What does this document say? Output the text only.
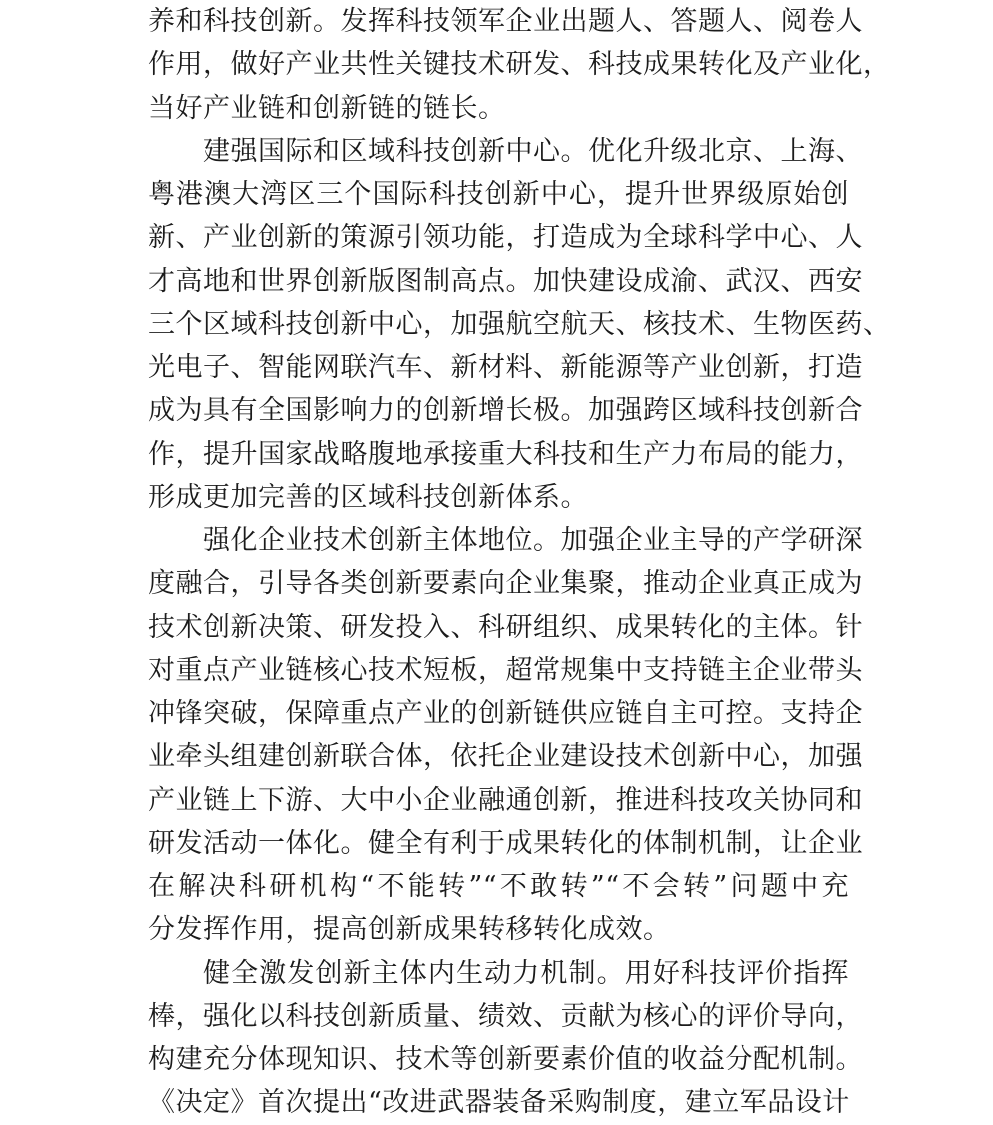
养和科技创新。发挥科技领军企业出题人、答题人、阅卷人
作用，做好产业共性关键技术研发、科技成果转化及产业化，
当好产业链和创新链的链长。
建强国际和区域科技创新中心。优化升级北京、上海、
粤港澳大湾区三个国际科技创新中心，提升世界级原始创
新、产业创新的策源引领功能，打造成为全球科学中心、人
才高地和世界创新版图制高点。加快建设成渝、武汉、西安
三个区域科技创新中心，加强航空航天、核技术、生物医药、
光电子、智能网联汽车、新材料、新能源等产业创新，打造
成为具有全国影响力的创新增长极。加强跨区域科技创新合
作，提升国家战略腹地承接重大科技和生产力布局的能力，
形成更加完善的区域科技创新体系。
强化企业技术创新主体地位。加强企业主导的产学研深
度融合，引导各类创新要素向企业集聚，推动企业真正成为
技术创新决策、研发投入、科研组织、成果转化的主体。针
对重点产业链核心技术短板，超常规集中支持链主企业带头
冲锋突破，保障重点产业的创新链供应链自主可控。支持企
业牵头组建创新联合体，依托企业建设技术创新中心，加强
产业链上下游、大中小企业融通创新，推进科技攻关协同和
研发活动一体化。健全有利于成果转化的体制机制，让企业
在解决科研机构“不能转”“不敢转”“不会转”问题中充
分发挥作用，提高创新成果转移转化成效。
健全激发创新主体内生动力机制。用好科技评价指挥
棒，强化以科技创新质量、绩效、贡献为核心的评价导向，
构建充分体现知识、技术等创新要素价值的收益分配机制。
《决定》首次提出“改进武器装备采购制度，建立军品设计
